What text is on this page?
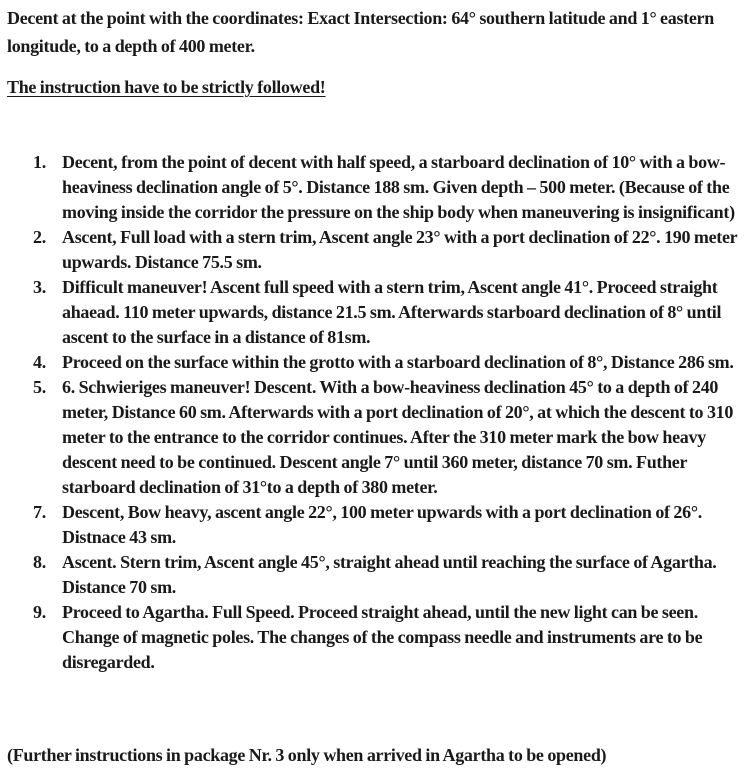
Decent at the point with the coordinates: Exact Intersection: 64° southern latitude and 1° eastern longitude, to a depth of 400 meter.

The instruction have to be strictly followed!

1. Decent, from the point of decent with half speed, a starboard declination of 10° with a bow-heaviness declination angle of 5°. Distance 188 sm. Given depth – 500 meter. (Because of the moving inside the corridor the pressure on the ship body when maneuvering is insignificant)
2. Ascent, Full load with a stern trim, Ascent angle 23° with a port declination of 22°. 190 meter upwards. Distance 75.5 sm.
3. Difficult maneuver! Ascent full speed with a stern trim, Ascent angle 41°. Proceed straight ahaead. 110 meter upwards, distance 21.5 sm. Afterwards starboard declination of 8° until ascent to the surface in a distance of 81sm.
4. Proceed on the surface within the grotto with a starboard declination of 8°, Distance 286 sm.
5. 6. Schwieriges maneuver! Descent. With a bow-heaviness declination 45° to a depth of 240 meter, Distance 60 sm. Afterwards with a port declination of 20°, at which the descent to 310 meter to the entrance to the corridor continues. After the 310 meter mark the bow heavy descent need to be continued. Descent angle 7° until 360 meter, distance 70 sm. Futher starboard declination of 31°to a depth of 380 meter.
7. Descent, Bow heavy, ascent angle 22°, 100 meter upwards with a port declination of 26°. Distnace 43 sm.
8. Ascent. Stern trim, Ascent angle 45°, straight ahead until reaching the surface of Agartha. Distance 70 sm.
9. Proceed to Agartha. Full Speed. Proceed straight ahead, until the new light can be seen. Change of magnetic poles. The changes of the compass needle and instruments are to be disregarded.

(Further instructions in package Nr. 3 only when arrived in Agartha to be opened)
